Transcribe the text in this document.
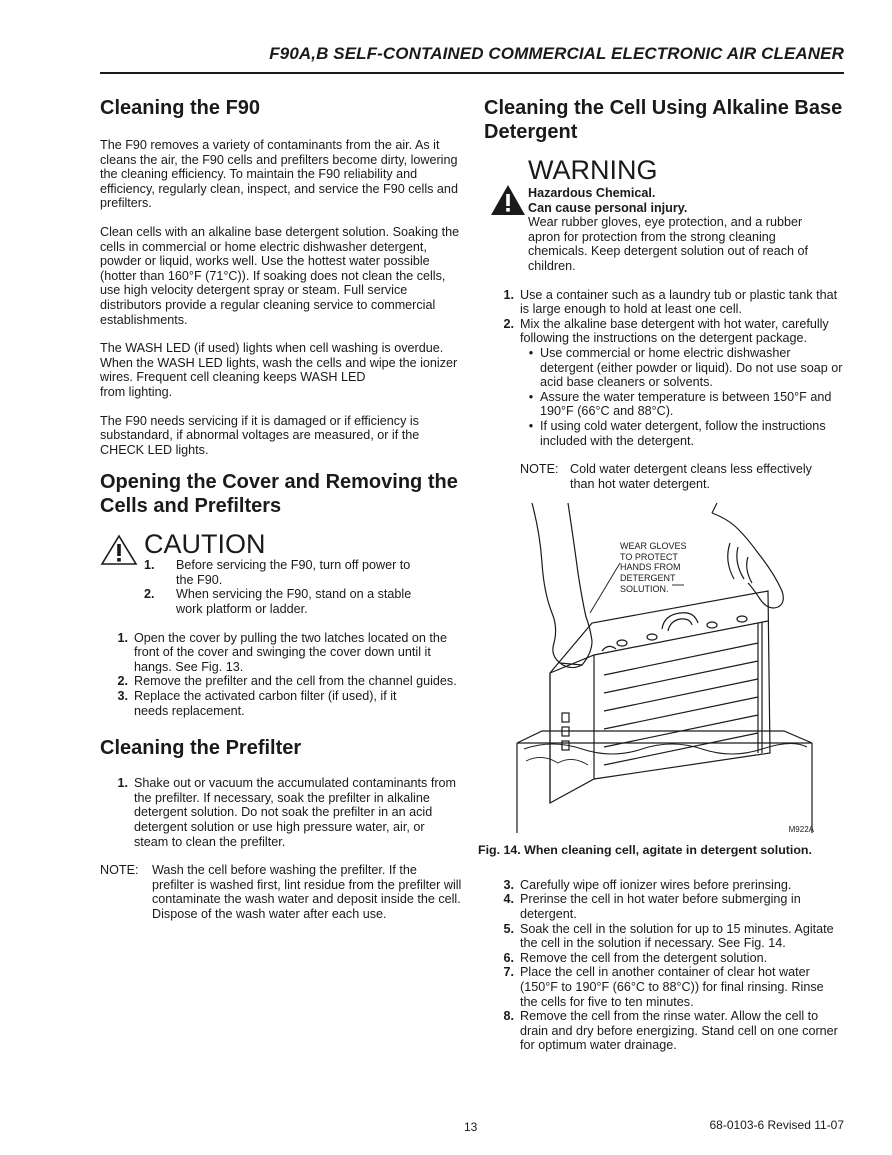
F90A,B SELF-CONTAINED COMMERCIAL ELECTRONIC AIR CLEANER
Cleaning the F90

The F90 removes a variety of contaminants from the air. As it cleans the air, the F90 cells and prefilters become dirty, lowering the cleaning efficiency. To maintain the F90 reliability and efficiency, regularly clean, inspect, and service the F90 cells and prefilters.

Clean cells with an alkaline base detergent solution. Soaking the cells in commercial or home electric dishwasher detergent, powder or liquid, works well. Use the hottest water possible (hotter than 160°F (71°C)). If soaking does not clean the cells, use high velocity detergent spray or steam. Full service distributors provide a regular cleaning service to commercial establishments.

The WASH LED (if used) lights when cell washing is overdue. When the WASH LED lights, wash the cells and wipe the ionizer wires. Frequent cell cleaning keeps WASH LED

from lighting.

The F90 needs servicing if it is damaged or if efficiency is substandard, if abnormal voltages are measured, or if the CHECK LED lights.

Opening the Cover and Removing the Cells and Prefilters
CAUTION
1.	Before servicing the F90, turn off power to the F90.
2.	When servicing the F90, stand on a stable work platform or ladder.
1. Open the cover by pulling the two latches located on the front of the cover and swinging the cover down until it hangs. See Fig. 13.
2. Remove the prefilter and the cell from the channel guides.
3. Replace the activated carbon filter (if used), if it needs replacement.
Cleaning the Prefilter
1. Shake out or vacuum the accumulated contaminants from the prefilter. If necessary, soak the prefilter in alkaline detergent solution. Do not soak the prefilter in an acid detergent solution or use high pressure water, air, or steam to clean the prefilter.
NOTE:	Wash the cell before washing the prefilter. If the prefilter is washed first, lint residue from the prefilter will contaminate the wash water and deposit inside the cell. Dispose of the wash water after each use.
Cleaning the Cell Using Alkaline Base Detergent
WARNING
Hazardous Chemical.
Can cause personal injury.
Wear rubber gloves, eye protection, and a rubber apron for protection from the strong cleaning chemicals. Keep detergent solution out of reach of children.
1. Use a container such as a laundry tub or plastic tank that is large enough to hold at least one cell.
2. Mix the alkaline base detergent with hot water, carefully following the instructions on the detergent package.
• Use commercial or home electric dishwasher detergent (either powder or liquid). Do not use soap or acid base cleaners or solvents.
• Assure the water temperature is between 150°F and 190°F (66°C and 88°C).
• If using cold water detergent, follow the instructions included with the detergent.
NOTE: Cold water detergent cleans less effectively than hot water detergent.
WEAR GLOVES
TO PROTECT
HANDS FROM
DETERGENT
SOLUTION.
M922A
Fig. 14. When cleaning cell, agitate in detergent solution.
3. Carefully wipe off ionizer wires before prerinsing.
4. Prerinse the cell in hot water before submerging in detergent.
5. Soak the cell in the solution for up to 15 minutes. Agitate the cell in the solution if necessary. See Fig. 14.
6. Remove the cell from the detergent solution.
7. Place the cell in another container of clear hot water (150°F to 190°F (66°C to 88°C)) for final rinsing. Rinse the cells for five to ten minutes.
8. Remove the cell from the rinse water. Allow the cell to drain and dry before energizing. Stand cell on one corner for optimum water drainage.
13	68-0103-6 Revised 11-07
